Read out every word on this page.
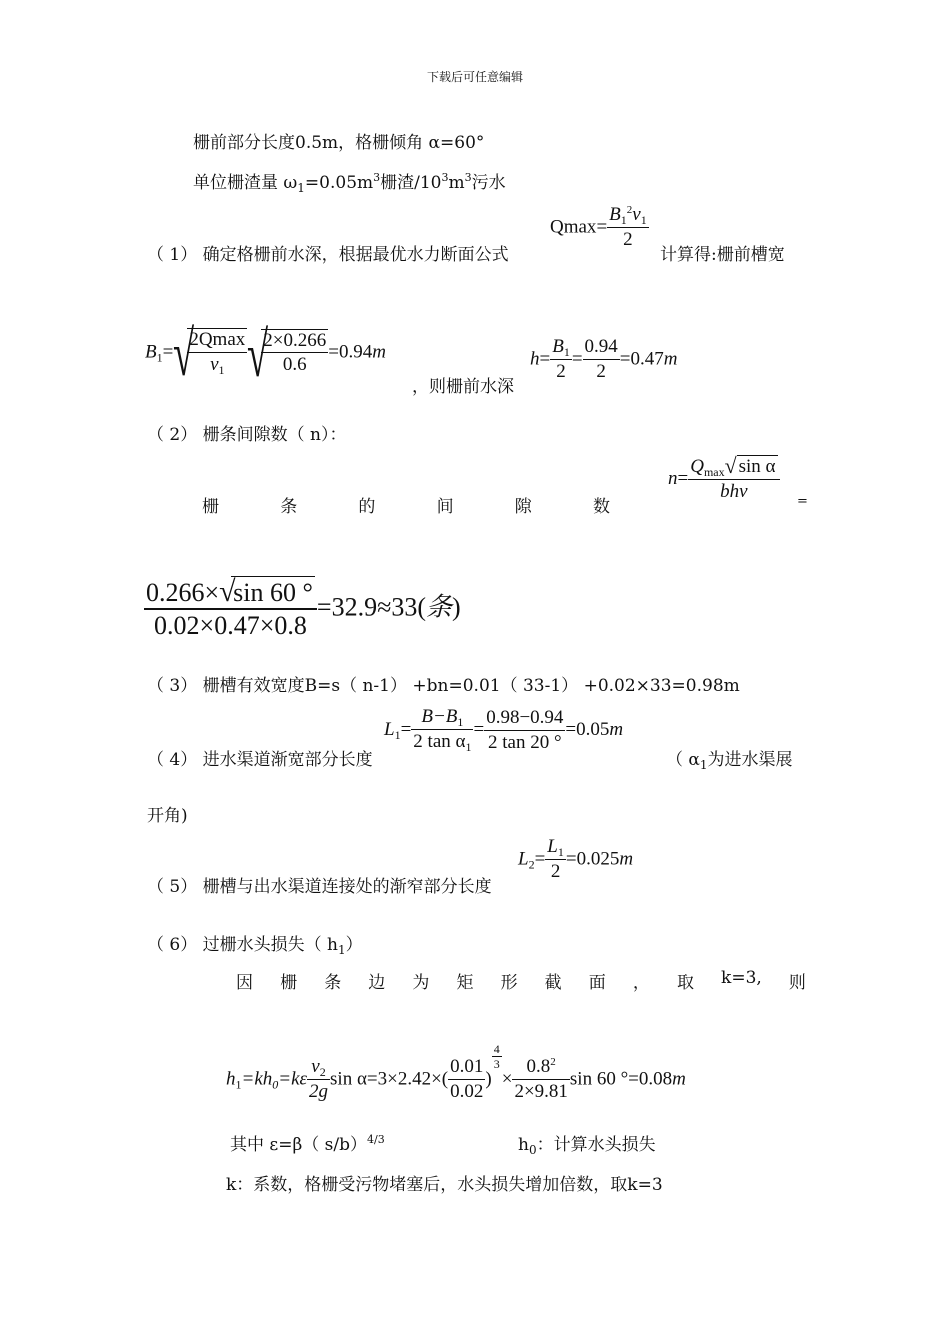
下载后可任意编辑
栅前部分长度0.5m，格栅倾角 α=60°
单位栅渣量 $\omega_1=0.05m^3$栅渣$/10^3m^3$污水
（ 1） 确定格栅前水深，根据最优水力断面公式
$Qmax= \frac{B_1^2v_1}{2}$
计算得:栅前槽宽
$B_1=$ √
$\frac{2Qmax}{v_1}$ √
$\frac{2\times 0.266}{0.6} =0.94m$
，则栅前水深
$h= \frac{B_1}{2} = \frac{0.94}{2} =0.47m$
（ 2） 栅条间隙数（ n）：
栅	条	的	间	隙	数
$n= \frac{Q_{max} √ \sin \alpha}{\text{bhv}}$ =
$\frac{0.266\times √ \sin 60 ^\circ}{0.02\times 0.47\times 0.8} =32.9\approx 33$(条)
（ 3） 栅槽有效宽度B=s（ n-1） +bn=0.01（ 33-1） +0.02×33=0.98m
（ 4） 进水渠道渐宽部分长度
$L_1= \frac{B-B_1}{2 \tan \alpha_1} = \frac{0.98-0.94}{2 \tan 20 ^\circ} =0.05m$
（ $\alpha_1$为进水渠展
开角)
（ 5） 栅槽与出水渠道连接处的渐窄部分长度
$L_2= \frac{L_1}{2} =0.025m$
（ 6） 过栅水头损失（ $h_1$）
因 栅 条 边 为 矩 形 截 面 ， 取 k=3, 则
$h_1=kh_0=k\varepsilon \frac{v_2}{2g}$ $\sin \alpha=3\times 2.42\times( \frac{0.01}{0.02}$ )
$\frac{4}{3}$
× $\frac{0.8^2}{2\times 9.81}$ sin 60 °=0.08m
其中 ε=β（ s/b）$^{4/3}$	$h_0$：计算水头损失
k：系数，格栅受污物堵塞后，水头损失增加倍数，取k=3
